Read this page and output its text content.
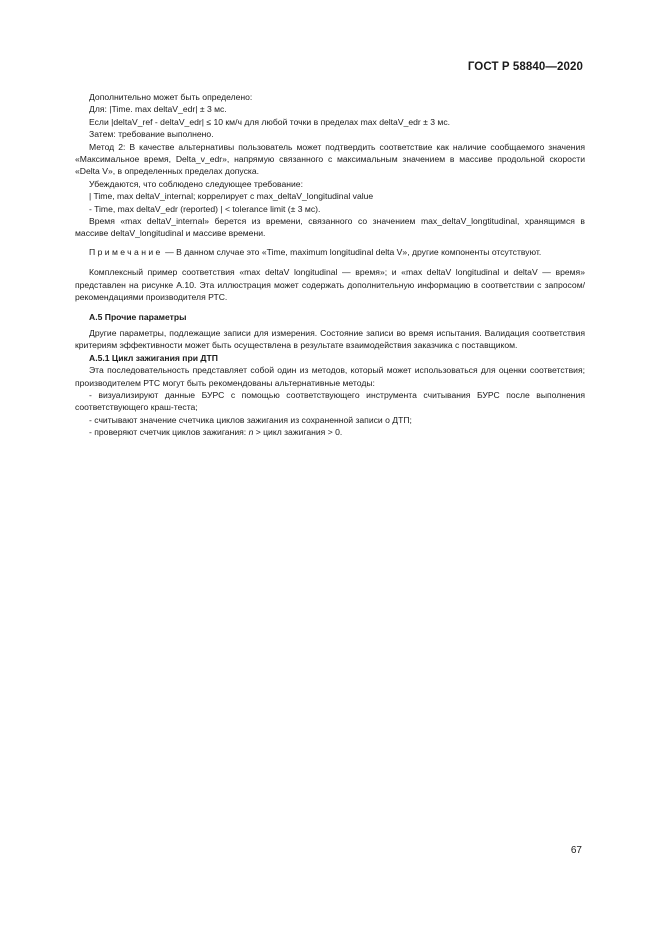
ГОСТ Р 58840—2020

Дополнительно может быть определено:

Для: |Time. max deltaV_edr| ± 3 мс.

Если |deltaV_ref - deltaV_edr| ≤ 10 км/ч для любой точки в пределах max deltaV_edr ± 3 мс.

Затем: требование выполнено.

Метод 2: В качестве альтернативы пользователь может подтвердить соответствие как наличие сообщаемого значения «Максимальное время, Delta_v_edr», напрямую связанного с максимальным значением в массиве продольной скорости «Delta V», в определенных пределах допуска.

Убеждаются, что соблюдено следующее требование:

| Time, max deltaV_internal; коррелирует с max_deltaV_longitudinal value

- Time, max deltaV_edr (reported) | < tolerance limit (± 3 мс).

Время «max deltaV_internal» берется из времени, связанного со значением max_deltaV_longtitudinal, хранящимся в массиве deltaV_longitudinal и массиве времени.

Примечание — В данном случае это «Time, maximum longitudinal delta V», другие компоненты отсутствуют.

Комплексный пример соответствия «max deltaV longitudinal — время»; и «max deltaV longitudinal и deltaV — время» представлен на рисунке А.10. Эта иллюстрация может содержать дополнительную информацию в соответствии с запросом/рекомендациями производителя РТС.

А.5 Прочие параметры

Другие параметры, подлежащие записи для измерения. Состояние записи во время испытания. Валидация соответствия критериям эффективности может быть осуществлена в результате взаимодействия заказчика с поставщиком.

А.5.1 Цикл зажигания при ДТП

Эта последовательность представляет собой один из методов, который может использоваться для оценки соответствия; производителем РТС могут быть рекомендованы альтернативные методы:

- визуализируют данные БУРС с помощью соответствующего инструмента считывания БУРС после выполнения соответствующего краш-теста;

- считывают значение счетчика циклов зажигания из сохраненной записи о ДТП;

- проверяют счетчик циклов зажигания: n > цикл зажигания > 0.

67
